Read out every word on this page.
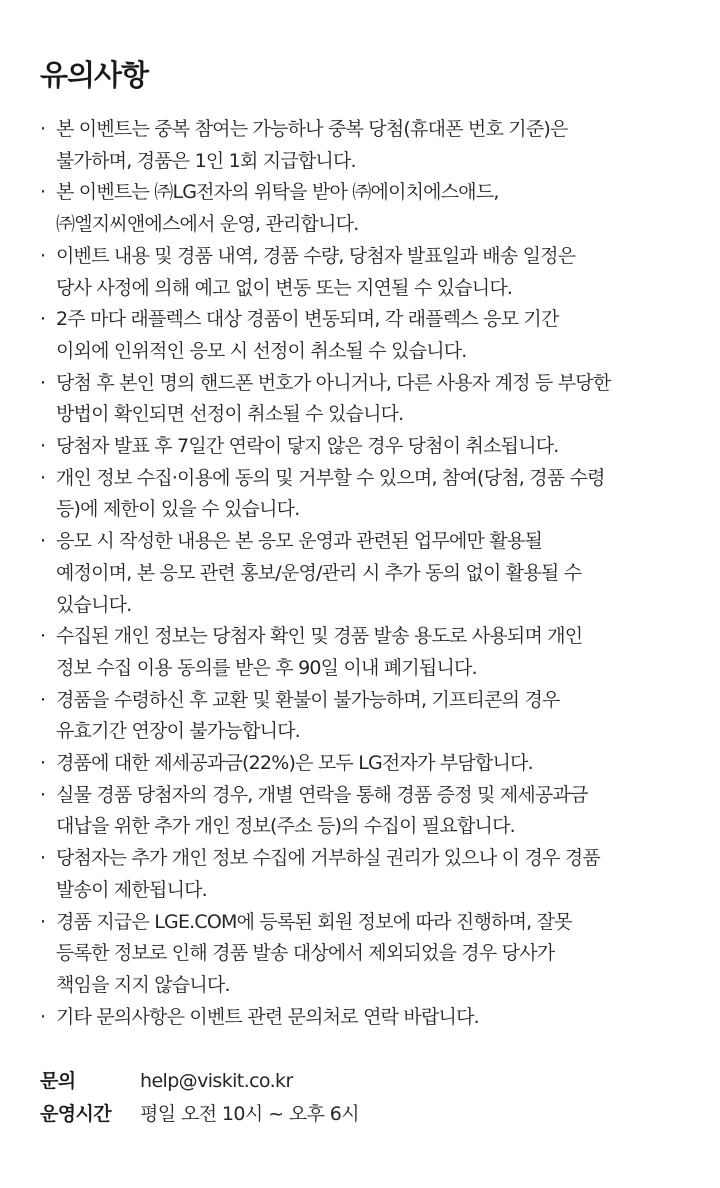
유의사항
· 본 이벤트는 중복 참여는 가능하나 중복 당첨(휴대폰 번호 기준)은
불가하며, 경품은 1인 1회 지급합니다.
· 본 이벤트는 ㈜LG전자의 위탁을 받아 ㈜에이치에스애드,
㈜엘지씨앤에스에서 운영, 관리합니다.
· 이벤트 내용 및 경품 내역, 경품 수량, 당첨자 발표일과 배송 일정은
당사 사정에 의해 예고 없이 변동 또는 지연될 수 있습니다.
· 2주 마다 래플렉스 대상 경품이 변동되며, 각 래플렉스 응모 기간
이외에 인위적인 응모 시 선정이 취소될 수 있습니다.
· 당첨 후 본인 명의 핸드폰 번호가 아니거나, 다른 사용자 계정 등 부당한
방법이 확인되면 선정이 취소될 수 있습니다.
· 당첨자 발표 후 7일간 연락이 닿지 않은 경우 당첨이 취소됩니다.
· 개인 정보 수집·이용에 동의 및 거부할 수 있으며, 참여(당첨, 경품 수령
등)에 제한이 있을 수 있습니다.
· 응모 시 작성한 내용은 본 응모 운영과 관련된 업무에만 활용될
예정이며, 본 응모 관련 홍보/운영/관리 시 추가 동의 없이 활용될 수
있습니다.
· 수집된 개인 정보는 당첨자 확인 및 경품 발송 용도로 사용되며 개인
정보 수집 이용 동의를 받은 후 90일 이내 폐기됩니다.
· 경품을 수령하신 후 교환 및 환불이 불가능하며, 기프티콘의 경우
유효기간 연장이 불가능합니다.
· 경품에 대한 제세공과금(22%)은 모두 LG전자가 부담합니다.
· 실물 경품 당첨자의 경우, 개별 연락을 통해 경품 증정 및 제세공과금
대납을 위한 추가 개인 정보(주소 등)의 수집이 필요합니다.
· 당첨자는 추가 개인 정보 수집에 거부하실 권리가 있으나 이 경우 경품
발송이 제한됩니다.
· 경품 지급은 LGE.COM에 등록된 회원 정보에 따라 진행하며, 잘못
등록한 정보로 인해 경품 발송 대상에서 제외되었을 경우 당사가
책임을 지지 않습니다.
· 기타 문의사항은 이벤트 관련 문의처로 연락 바랍니다.
문의	help@viskit.co.kr
운영시간	평일 오전 10시 ~ 오후 6시
